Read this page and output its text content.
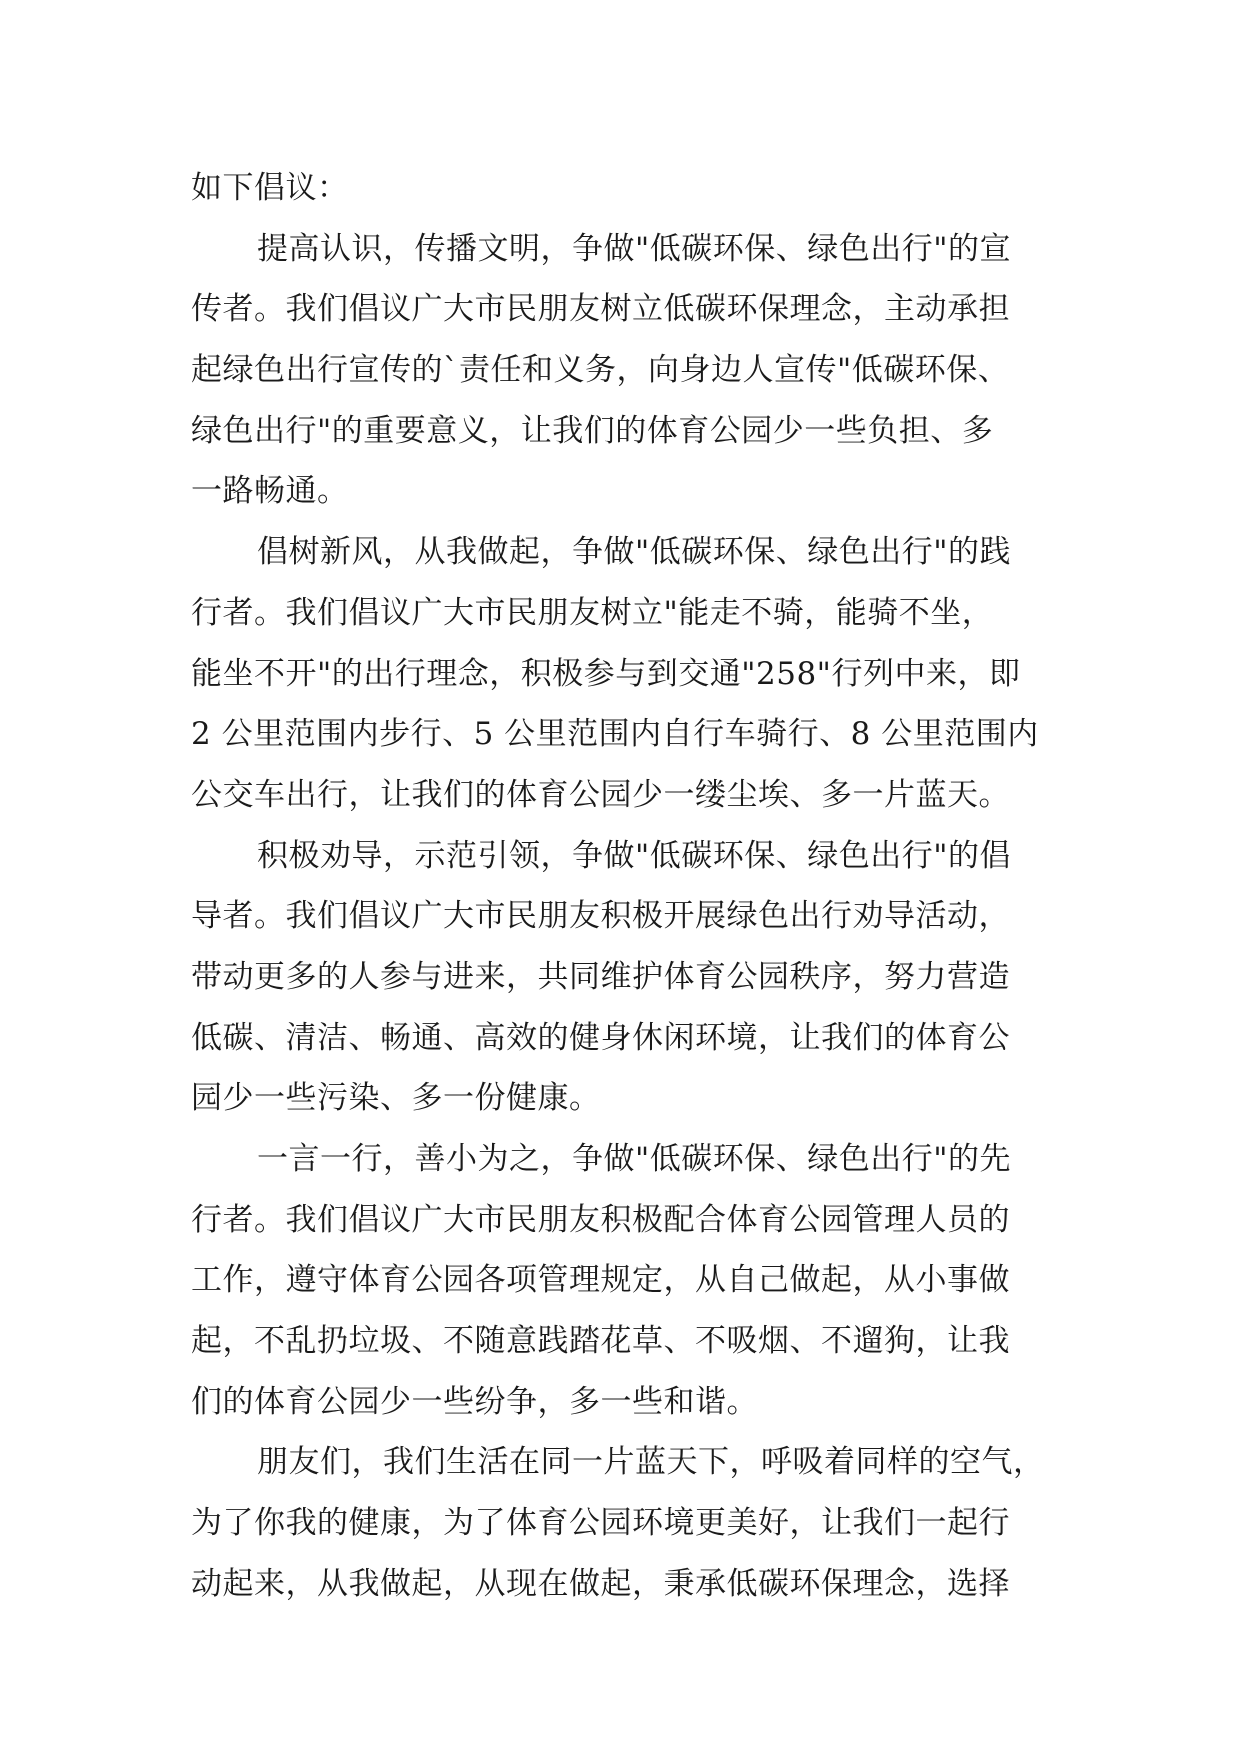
如下倡议：
提高认识，传播文明，争做"低碳环保、绿色出行"的宣
传者。我们倡议广大市民朋友树立低碳环保理念，主动承担
起绿色出行宣传的`责任和义务，向身边人宣传"低碳环保、
绿色出行"的重要意义，让我们的体育公园少一些负担、多
一路畅通。
倡树新风，从我做起，争做"低碳环保、绿色出行"的践
行者。我们倡议广大市民朋友树立"能走不骑，能骑不坐，
能坐不开"的出行理念，积极参与到交通"258"行列中来，即
2 公里范围内步行、5 公里范围内自行车骑行、8 公里范围内
公交车出行，让我们的体育公园少一缕尘埃、多一片蓝天。
积极劝导，示范引领，争做"低碳环保、绿色出行"的倡
导者。我们倡议广大市民朋友积极开展绿色出行劝导活动，
带动更多的人参与进来，共同维护体育公园秩序，努力营造
低碳、清洁、畅通、高效的健身休闲环境，让我们的体育公
园少一些污染、多一份健康。
一言一行，善小为之，争做"低碳环保、绿色出行"的先
行者。我们倡议广大市民朋友积极配合体育公园管理人员的
工作，遵守体育公园各项管理规定，从自己做起，从小事做
起，不乱扔垃圾、不随意践踏花草、不吸烟、不遛狗，让我
们的体育公园少一些纷争，多一些和谐。
朋友们，我们生活在同一片蓝天下，呼吸着同样的空气，
为了你我的健康，为了体育公园环境更美好，让我们一起行
动起来，从我做起，从现在做起，秉承低碳环保理念，选择
